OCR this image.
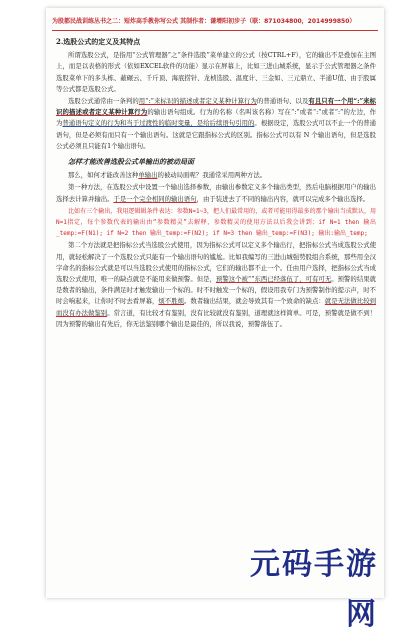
为股都民战训练丛书之二：短炸高手教你写公式 其制作者：谦增阳初步子（联：871034800，2014999850）
2.选股公式的定义及其特点

所谓选股公式，是指用“公式管理器”之“条件选股”菜单建立的公式（按CTRL+F），它的输出不是叠加在主图上，而是以表格的形式（依如EXCEL软件的功能）显示在屏幕上，比如三进山城系统，显示于公式管理器之条件选股菜单下的多头栋、蔽碾云、千斤顶、海底捞针、龙桢选股、温度计、三金如、三元鼎立、半通U值、由于股属等公式都是选股公式。

选股公式通常由一条判的用“:”来标识的描述或者定义某种计算行为的普通语句、以及有且只有一个用“:”来标识的描述或者定义某种计算行为的输出语句组成。行为的名称（名叫该名称）写在“:”或者“:”或者“:”的左边，作为普通语句定义的行为和当于过渡性的临时变量，是给后续语句引用的。根据设定，选股公式可以不止一个的普通语句，但是必须有而只有一个输出语句。这就是它跟指标公式的区别。指标公式可以有 N 个输出语句，但是选股公式必须且只能有1个输出语句。

怎样才能改善选股公式单输出的被动局面

那么，如何才能改善这种单输出的被动局面呢？我通常采用两种方法。

第一种方法，在选股公式中设置一个输出选择参数，由输出参数定义多个输出类型，然后电脑根据用户的输出选择去计算并输出。于是一个完全相同的输出语句，由于装进去了不同的输出内容，就可以完成多个输出选择。

比如有三个输出，我用逻辑辑条件表达：参数N=1~3，把人们最常用的，或者可能用得最多的那个输出当成默认，用N=1指定，每个参数代表的输出由“参数精灵”去解释，参数精灵的使用方法以后我会讲到；if N=1 then 输出_temp:=F(N1); if N=2 then 输出_temp:=F(N2); if N=3 then 输出_temp:=F(N3); 输出:输出_temp;

第二个方法就是把指标公式当选股公式使用，因为指标公式可以定义多个输出行，把指标公式当成选股公式使用，就轻松解决了一个选股公式只能有一个输出语句的尴尬。比如我编写的三进山城强势股组合系统，那些用全汉字命名的指标公式就是可以当选股公式使用的指标公式，它们的输出都不止一个。任由用户选择，把指标公式当成选股公式使用，唯一的缺点就是不能用来做预警。但是，预警这个被“”东西已经落伍了，可有可无。预警的结果就是数者的输出，条件满足时才触发输出一个标的。时不时触发一个标的，假设用我专门为预警制作的提示声，时不时会响起来，让你时不时去看屏幕，烦不胜烦。数者输出结果，就会导致其有一个致命的缺点：就是无法做比较到而没有办法做鉴别。常言道，有比较才有鉴别，没有比较就没有鉴别，道理就这样简单。可是，预警就是做不到！因为预警的输出有先后，你无法鉴别哪个输出是最佳的，所以我说，预警落伍了。

元码手游网
